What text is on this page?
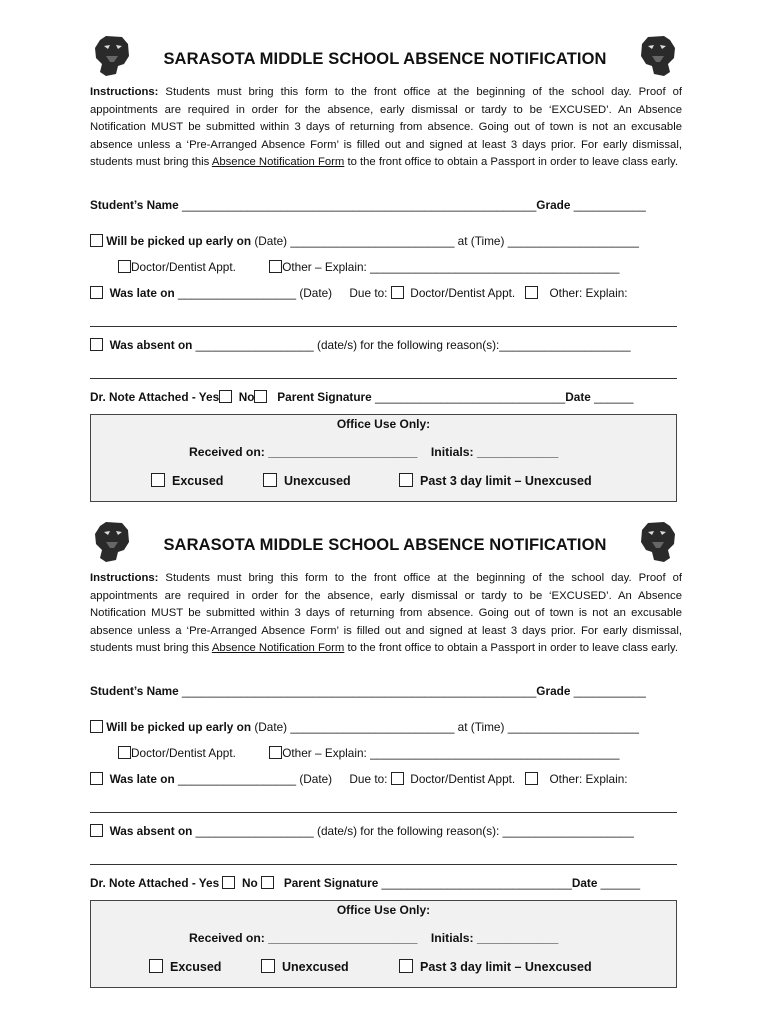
SARASOTA MIDDLE SCHOOL ABSENCE NOTIFICATION
Instructions: Students must bring this form to the front office at the beginning of the school day. Proof of appointments are required in order for the absence, early dismissal or tardy to be ‘EXCUSED’. An Absence Notification MUST be submitted within 3 days of returning from absence. Going out of town is not an excusable absence unless a ‘Pre-Arranged Absence Form’ is filled out and signed at least 3 days prior. For early dismissal, students must bring this Absence Notification Form to the front office to obtain a Passport in order to leave class early.
Student’s Name ______________________________________________________Grade ___________
Will be picked up early on (Date) _________________________ at (Time) ____________________
Doctor/Dentist Appt.	Other – Explain: ______________________________________
Was late on __________________ (Date) Due to: Doctor/Dentist Appt.	Other: Explain:
Was absent on __________________ (date/s) for the following reason(s):____________________
Dr. Note Attached - Yes No Parent Signature _____________________________Date ______
Office Use Only:
Received on: ______________________ Initials: ____________
Excused	Unexcused	Past 3 day limit – Unexcused
SARASOTA MIDDLE SCHOOL ABSENCE NOTIFICATION
Instructions: Students must bring this form to the front office at the beginning of the school day. Proof of appointments are required in order for the absence, early dismissal or tardy to be ‘EXCUSED’. An Absence Notification MUST be submitted within 3 days of returning from absence. Going out of town is not an excusable absence unless a ‘Pre-Arranged Absence Form’ is filled out and signed at least 3 days prior. For early dismissal, students must bring this Absence Notification Form to the front office to obtain a Passport in order to leave class early.
Student’s Name ______________________________________________________Grade ___________
Will be picked up early on (Date) _________________________ at (Time) ____________________
Doctor/Dentist Appt.	Other – Explain: ______________________________________
Was late on __________________ (Date) Due to: Doctor/Dentist Appt.	Other: Explain:
Was absent on __________________ (date/s) for the following reason(s): ____________________
Dr. Note Attached - Yes No Parent Signature _____________________________Date ______
Office Use Only:
Received on: ______________________ Initials: ____________
Excused	Unexcused	Past 3 day limit – Unexcused
